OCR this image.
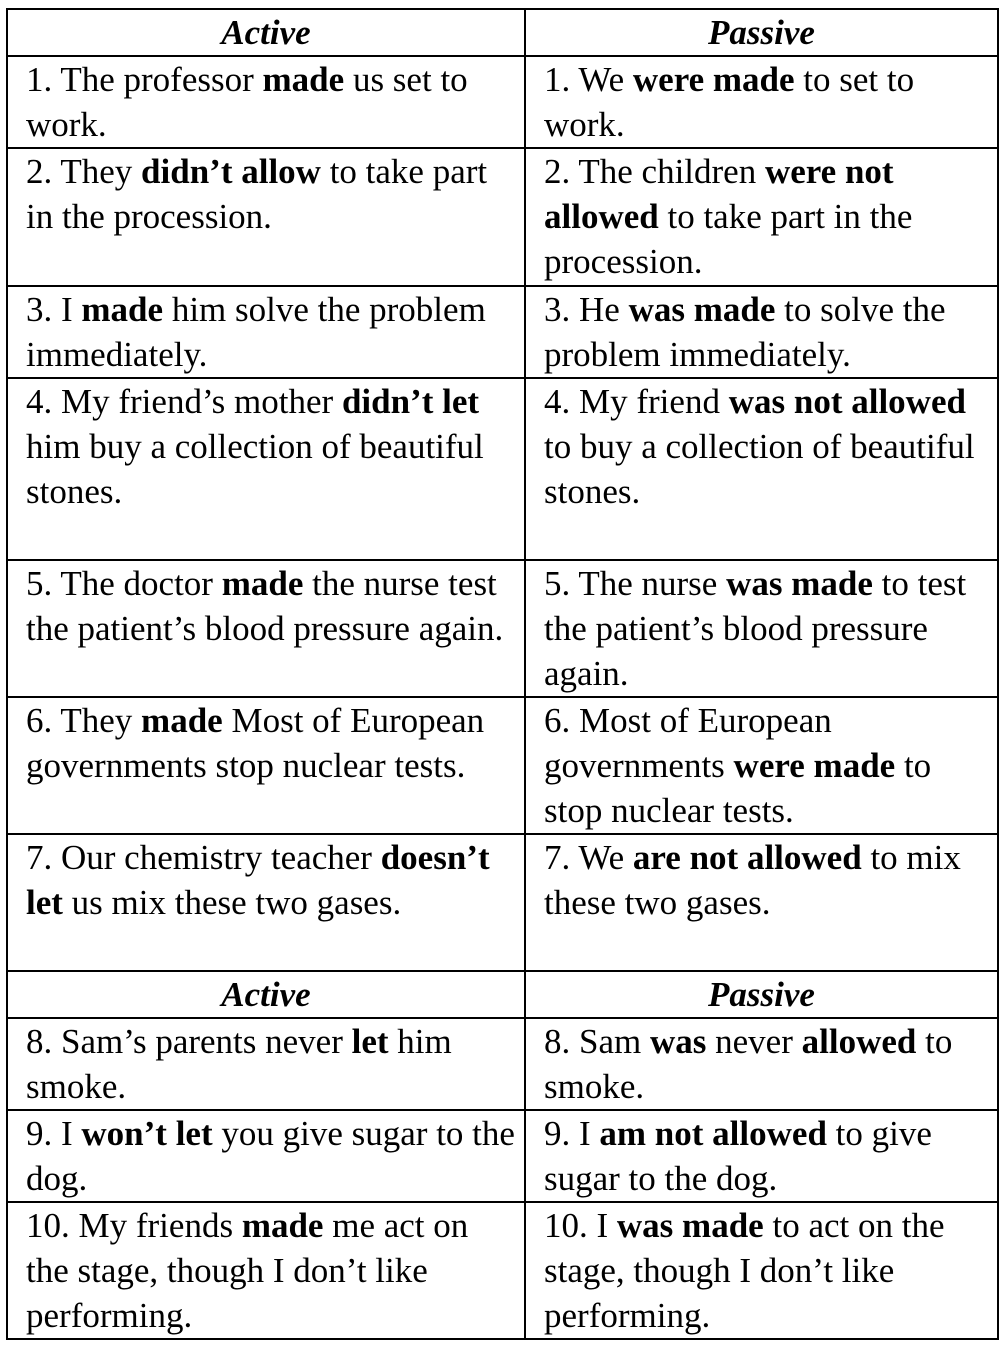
Active	Passive
1. The professor made us set to work.	1. We were made to set to work.
2. They didn’t allow to take part in the procession.	2. The children were not allowed to take part in the procession.
3. I made him solve the problem immediately.	3. He was made to solve the problem immediately.
4. My friend’s mother didn’t let him buy a collection of beautiful stones.	4. My friend was not allowed to buy a collection of beautiful stones.
5. The doctor made the nurse test the patient’s blood pressure again.	5. The nurse was made to test the patient’s blood pressure again.
6. They made Most of European governments stop nuclear tests.	6. Most of European governments were made to stop nuclear tests.
7. Our chemistry teacher doesn’t let us mix these two gases.	7. We are not allowed to mix these two gases.
Active	Passive
8. Sam’s parents never let him smoke.	8. Sam was never allowed to smoke.
9. I won’t let you give sugar to the dog.	9. I am not allowed to give sugar to the dog.
10. My friends made me act on the stage, though I don’t like performing.	10. I was made to act on the stage, though I don’t like performing.
